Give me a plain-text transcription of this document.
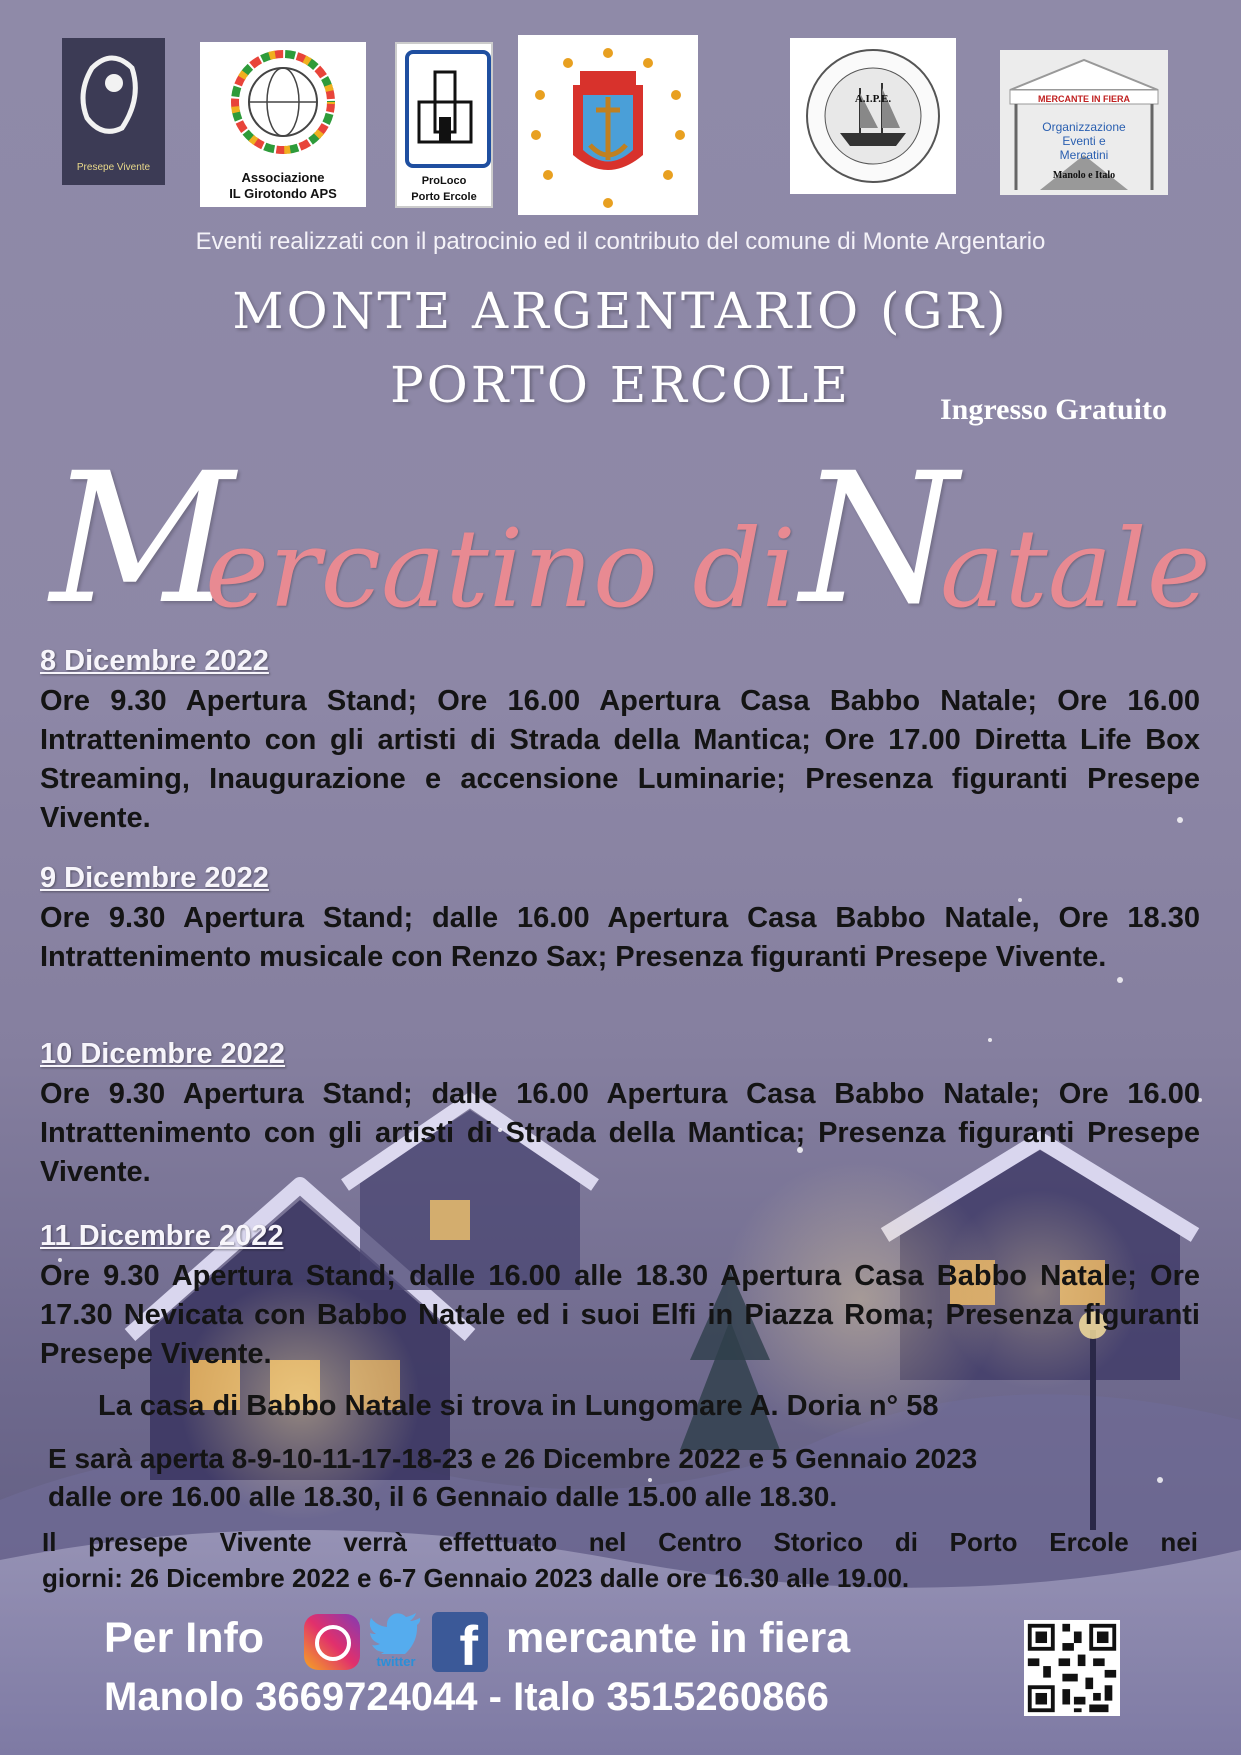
Presepe Vivente
Associazione
IL Girotondo APS
ProLoco
Porto Ercole
A.I.P.E.	MERCANTE IN FIERA
Organizzazione
Eventi e
Mercatini
Manolo e Italo
Eventi realizzati con il patrocinio ed il contributo del comune di Monte Argentario
MONTE ARGENTARIO (GR)
PORTO ERCOLE	Ingresso Gratuito
M
ercatino di N
atale
8 Dicembre 2022
Ore 9.30 Apertura Stand; Ore 16.00 Apertura Casa Babbo Natale; Ore 16.00 Intrattenimento con gli artisti di Strada della Mantica; Ore 17.00 Diretta Life Box Streaming, Inaugurazione e accensione Luminarie; Presenza figuranti Presepe Vivente.
9 Dicembre 2022
Ore 9.30 Apertura Stand; dalle 16.00 Apertura Casa Babbo Natale, Ore 18.30 Intrattenimento musicale con Renzo Sax; Presenza figuranti Presepe Vivente.
10 Dicembre 2022
Ore 9.30 Apertura Stand; dalle 16.00 Apertura Casa Babbo Natale; Ore 16.00 Intrattenimento con gli artisti di Strada della Mantica; Presenza figuranti Presepe Vivente.
11 Dicembre 2022
Ore 9.30 Apertura Stand; dalle 16.00 alle 18.30 Apertura Casa Babbo Natale; Ore 17.30 Nevicata con Babbo Natale ed i suoi Elfi in Piazza Roma; Presenza figuranti Presepe Vivente.
La casa di Babbo Natale si trova in Lungomare A. Doria n° 58
E sarà aperta 8-9-10-11-17-18-23 e 26 Dicembre 2022 e 5 Gennaio 2023
dalle ore 16.00 alle 18.30, il 6 Gennaio dalle 15.00 alle 18.30.
Il presepe Vivente verrà effettuato nel Centro Storico di Porto Ercole nei
giorni: 26 Dicembre 2022 e 6-7 Gennaio 2023 dalle ore 16.30 alle 19.00.
Per Info	twitter f mercante in fiera
Manolo 3669724044 - Italo 3515260866
